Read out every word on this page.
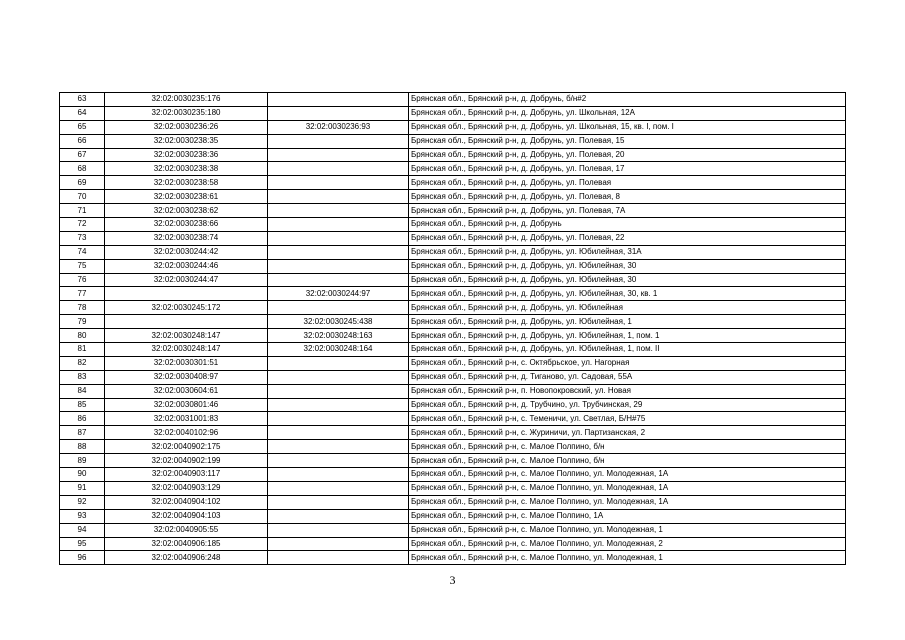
63	32:02:0030235:176		Брянская обл., Брянский р-н, д. Добрунь, б/н#2
64	32:02:0030235:180		Брянская обл., Брянский р-н, д. Добрунь, ул. Школьная, 12А
65	32:02:0030236:26	32:02:0030236:93	Брянская обл., Брянский р-н, д. Добрунь, ул. Школьная, 15, кв. I, пом. I
66	32:02:0030238:35		Брянская обл., Брянский р-н, д. Добрунь, ул. Полевая, 15
67	32:02:0030238:36		Брянская обл., Брянский р-н, д. Добрунь, ул. Полевая, 20
68	32:02:0030238:38		Брянская обл., Брянский р-н, д. Добрунь, ул. Полевая, 17
69	32:02:0030238:58		Брянская обл., Брянский р-н, д. Добрунь, ул. Полевая
70	32:02:0030238:61		Брянская обл., Брянский р-н, д. Добрунь, ул. Полевая, 8
71	32:02:0030238:62		Брянская обл., Брянский р-н, д. Добрунь, ул. Полевая, 7А
72	32:02:0030238:66		Брянская обл., Брянский р-н, д. Добрунь
73	32:02:0030238:74		Брянская обл., Брянский р-н, д. Добрунь, ул. Полевая, 22
74	32:02:0030244:42		Брянская обл., Брянский р-н, д. Добрунь, ул. Юбилейная, 31А
75	32:02:0030244:46		Брянская обл., Брянский р-н, д. Добрунь, ул. Юбилейная, 30
76	32:02:0030244:47		Брянская обл., Брянский р-н, д. Добрунь, ул. Юбилейная, 30
77		32:02:0030244:97	Брянская обл., Брянский р-н, д. Добрунь, ул. Юбилейная, 30, кв. 1
78	32:02:0030245:172		Брянская обл., Брянский р-н, д. Добрунь, ул. Юбилейная
79		32:02:0030245:438	Брянская обл., Брянский р-н, д. Добрунь, ул. Юбилейная, 1
80	32:02:0030248:147	32:02:0030248:163	Брянская обл., Брянский р-н, д. Добрунь, ул. Юбилейная, 1, пом. 1
81	32:02:0030248:147	32:02:0030248:164	Брянская обл., Брянский р-н, д. Добрунь, ул. Юбилейная, 1, пом. II
82	32:02:0030301:51		Брянская обл., Брянский р-н, с. Октябрьское, ул. Нагорная
83	32:02:0030408:97		Брянская обл., Брянский р-н, д. Тиганово, ул. Садовая, 55А
84	32:02:0030604:61		Брянская обл., Брянский р-н, п. Новопокровский, ул. Новая
85	32:02:0030801:46		Брянская обл., Брянский р-н, д. Трубчино, ул. Трубчинская, 29
86	32:02:0031001:83		Брянская обл., Брянский р-н, с. Теменичи, ул. Светлая, Б/Н#75
87	32:02:0040102:96		Брянская обл., Брянский р-н, с. Журиничи, ул. Партизанская, 2
88	32:02:0040902:175		Брянская обл., Брянский р-н, с. Малое Полпино, б/н
89	32:02:0040902:199		Брянская обл., Брянский р-н, с. Малое Полпино, б/н
90	32:02:0040903:117		Брянская обл., Брянский р-н, с. Малое Полпино, ул. Молодежная, 1А
91	32:02:0040903:129		Брянская обл., Брянский р-н, с. Малое Полпино, ул. Молодежная, 1А
92	32:02:0040904:102		Брянская обл., Брянский р-н, с. Малое Полпино, ул. Молодежная, 1А
93	32:02:0040904:103		Брянская обл., Брянский р-н, с. Малое Полпино, 1А
94	32:02:0040905:55		Брянская обл., Брянский р-н, с. Малое Полпино, ул. Молодежная, 1
95	32:02:0040906:185		Брянская обл., Брянский р-н, с. Малое Полпино, ул. Молодежная, 2
96	32:02:0040906:248		Брянская обл., Брянский р-н, с. Малое Полпино, ул. Молодежная, 1
3
